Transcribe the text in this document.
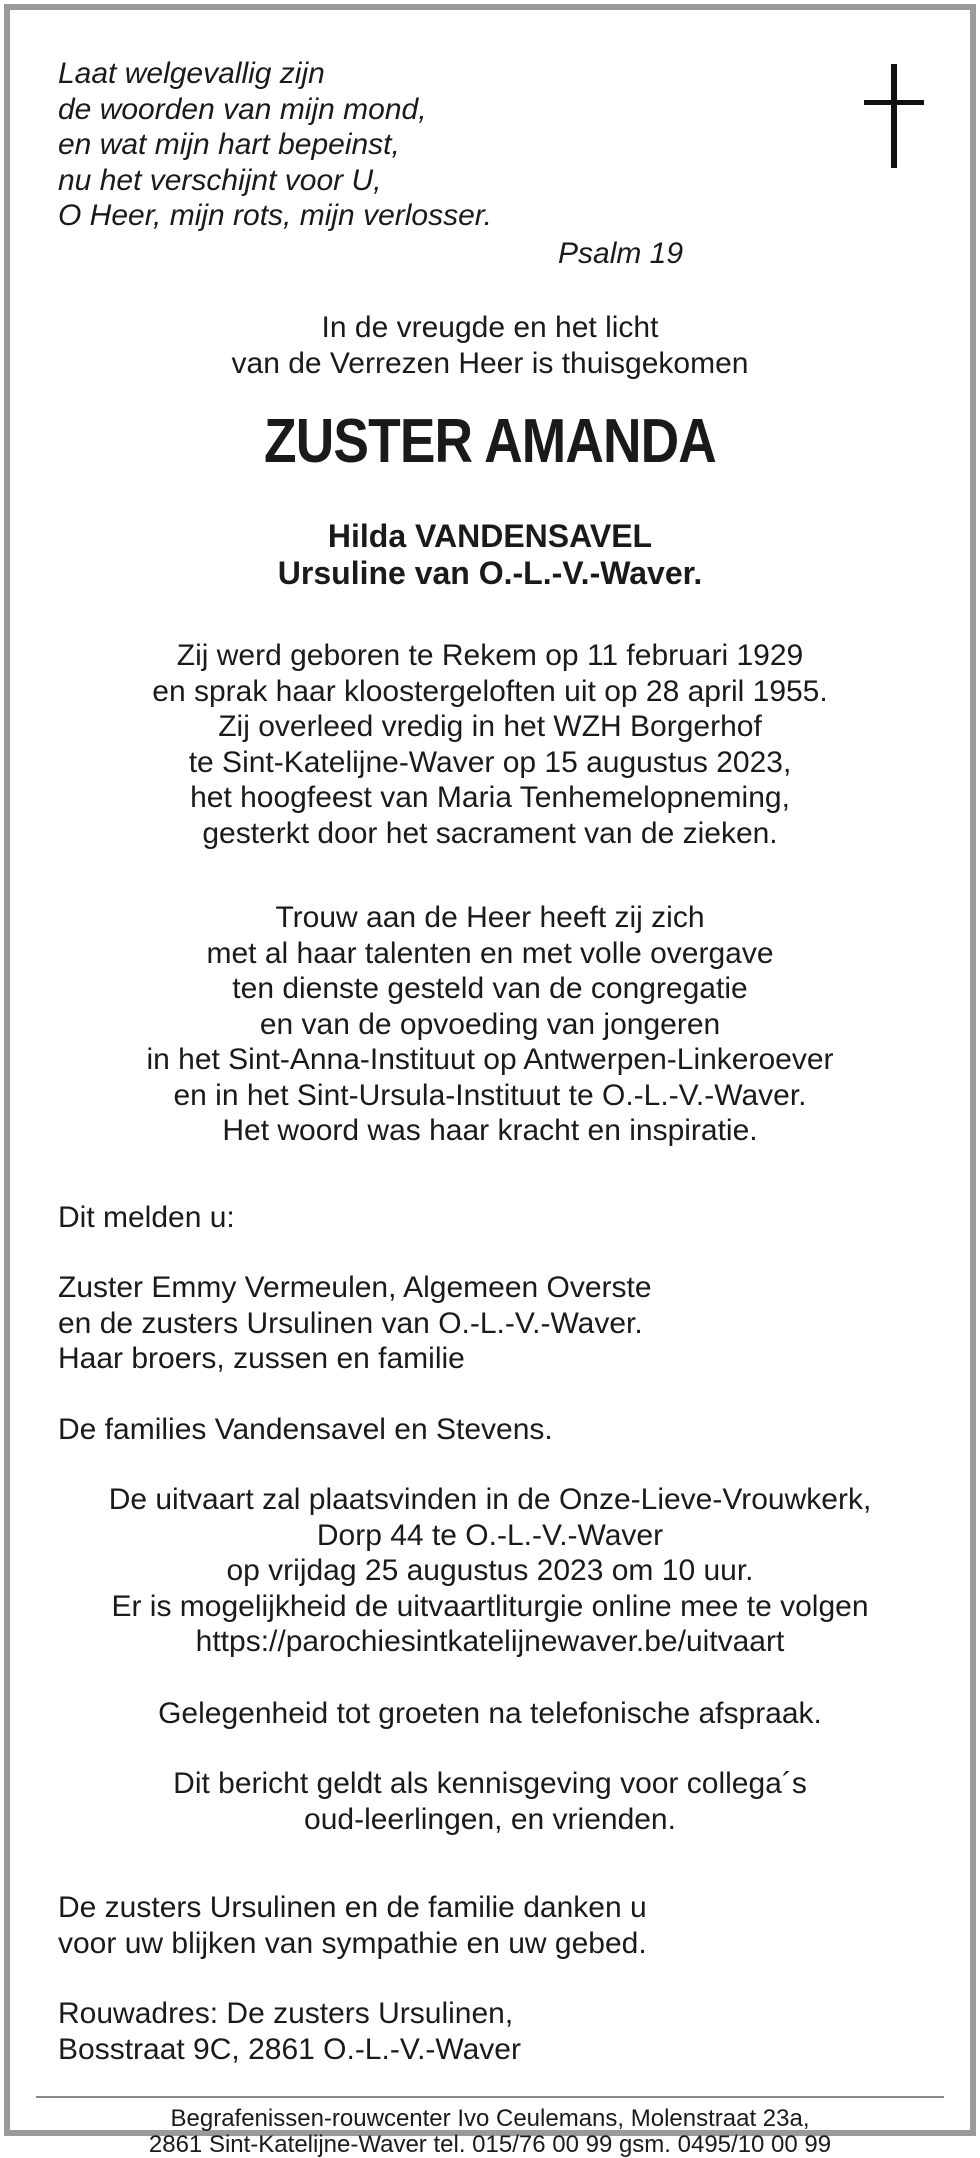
Laat welgevallig zijn
de woorden van mijn mond,
en wat mijn hart bepeinst,
nu het verschijnt voor U,
O Heer, mijn rots, mijn verlosser.
Psalm 19
In de vreugde en het licht
van de Verrezen Heer is thuisgekomen
ZUSTER AMANDA
Hilda VANDENSAVEL
Ursuline van O.-L.-V.-Waver.
Zij werd geboren te Rekem op 11 februari 1929
en sprak haar kloostergeloften uit op 28 april 1955.
Zij overleed vredig in het WZH Borgerhof
te Sint-Katelijne-Waver op 15 augustus 2023,
het hoogfeest van Maria Tenhemelopneming,
gesterkt door het sacrament van de zieken.
Trouw aan de Heer heeft zij zich
met al haar talenten en met volle overgave
ten dienste gesteld van de congregatie
en van de opvoeding van jongeren
in het Sint-Anna-Instituut op Antwerpen-Linkeroever
en in het Sint-Ursula-Instituut te O.-L.-V.-Waver.
Het woord was haar kracht en inspiratie.
Dit melden u:
Zuster Emmy Vermeulen, Algemeen Overste
en de zusters Ursulinen van O.-L.-V.-Waver.
Haar broers, zussen en familie
De families Vandensavel en Stevens.
De uitvaart zal plaatsvinden in de Onze-Lieve-Vrouwkerk,
Dorp 44 te O.-L.-V.-Waver
op vrijdag 25 augustus 2023 om 10 uur.
Er is mogelijkheid de uitvaartliturgie online mee te volgen
https://parochiesintkatelijnewaver.be/uitvaart
Gelegenheid tot groeten na telefonische afspraak.
Dit bericht geldt als kennisgeving voor collega´s
oud-leerlingen, en vrienden.
De zusters Ursulinen en de familie danken u
voor uw blijken van sympathie en uw gebed.
Rouwadres: De zusters Ursulinen,
Bosstraat 9C, 2861 O.-L.-V.-Waver
Begrafenissen-rouwcenter Ivo Ceulemans, Molenstraat 23a,
2861 Sint-Katelijne-Waver tel. 015/76 00 99 gsm. 0495/10 00 99
